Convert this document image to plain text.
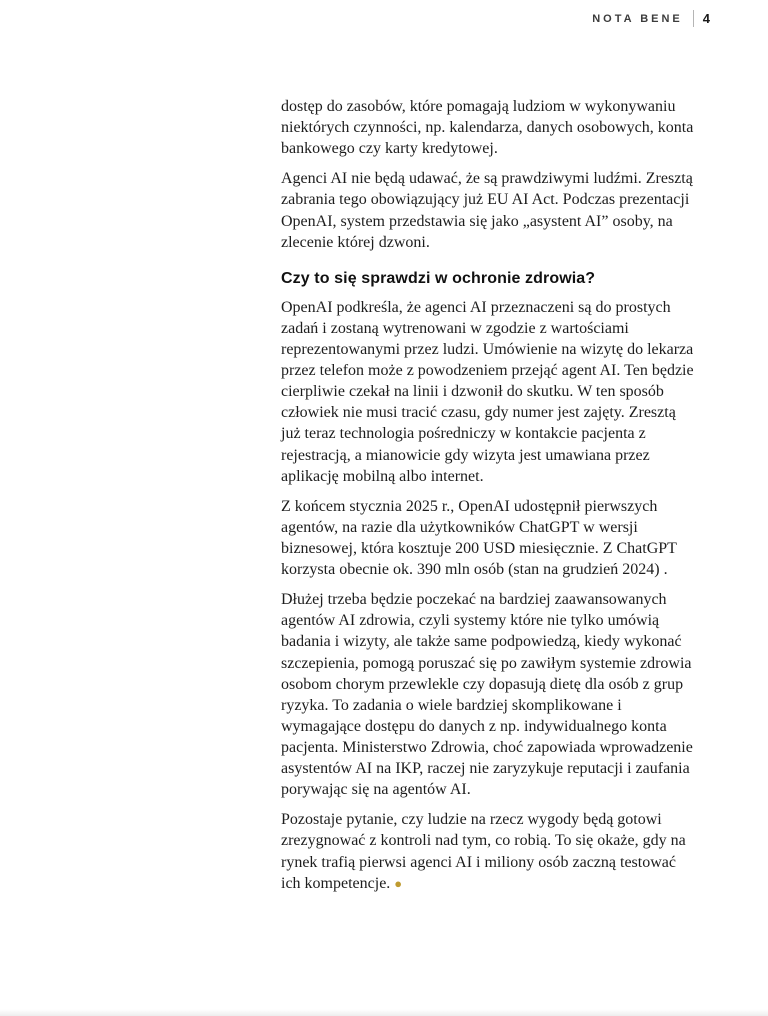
NOTA BENE 4

dostęp do zasobów, które pomagają ludziom w wykonywaniu niektórych czynności, np. kalendarza, danych osobowych, konta bankowego czy karty kredytowej.

Agenci AI nie będą udawać, że są prawdziwymi ludźmi. Zresztą zabrania tego obowiązujący już EU AI Act. Podczas prezentacji OpenAI, system przedstawia się jako „asystent AI” osoby, na zlecenie której dzwoni.

Czy to się sprawdzi w ochronie zdrowia?

OpenAI podkreśla, że agenci AI przeznaczeni są do prostych zadań i zostaną wytrenowani w zgodzie z wartościami reprezentowanymi przez ludzi. Umówienie na wizytę do lekarza przez telefon może z powodzeniem przejąć agent AI. Ten będzie cierpliwie czekał na linii i dzwonił do skutku. W ten sposób człowiek nie musi tracić czasu, gdy numer jest zajęty. Zresztą już teraz technologia pośredniczy w kontakcie pacjenta z rejestracją, a mianowicie gdy wizyta jest umawiana przez aplikację mobilną albo internet.

Z końcem stycznia 2025 r., OpenAI udostępnił pierwszych agentów, na razie dla użytkowników ChatGPT w wersji biznesowej, która kosztuje 200 USD miesięcznie. Z ChatGPT korzysta obecnie ok. 390 mln osób (stan na grudzień 2024) .

Dłużej trzeba będzie poczekać na bardziej zaawansowanych agentów AI zdrowia, czyli systemy które nie tylko umówią badania i wizyty, ale także same podpowiedzą, kiedy wykonać szczepienia, pomogą poruszać się po zawiłym systemie zdrowia osobom chorym przewlekle czy dopasują dietę dla osób z grup ryzyka. To zadania o wiele bardziej skomplikowane i wymagające dostępu do danych z np. indywidualnego konta pacjenta. Ministerstwo Zdrowia, choć zapowiada wprowadzenie asystentów AI na IKP, raczej nie zaryzykuje reputacji i zaufania porywając się na agentów AI.

Pozostaje pytanie, czy ludzie na rzecz wygody będą gotowi zrezygnować z kontroli nad tym, co robią. To się okaże, gdy na rynek trafią pierwsi agenci AI i miliony osób zaczną testować ich kompetencje. ●
